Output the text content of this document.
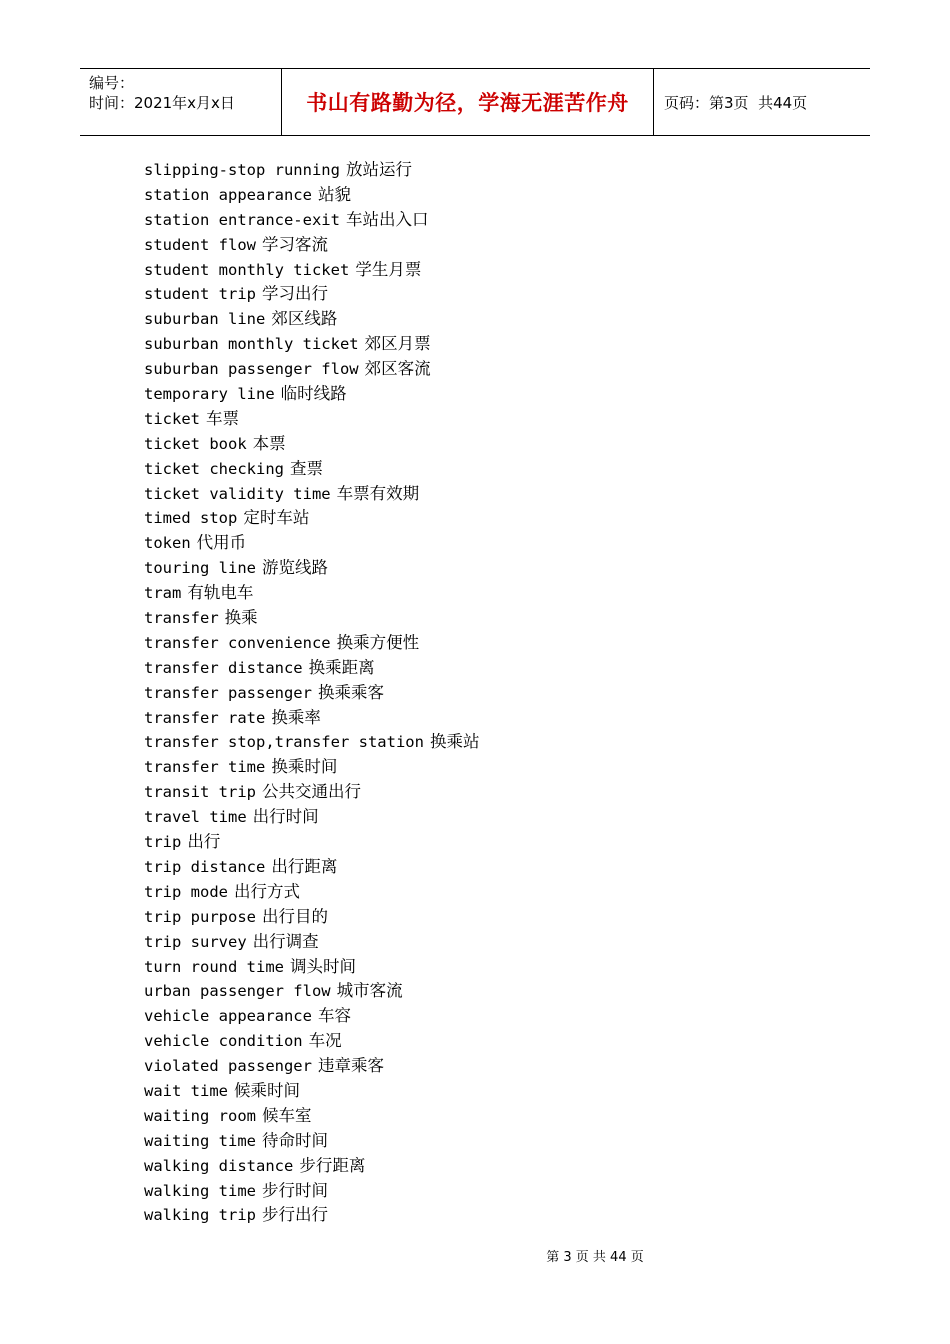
编号：
时间：2021年x月x日	书山有路勤为径，学海无涯苦作舟	页码：第3页  共44页
slipping-stop running 放站运行
station appearance 站貌
station entrance-exit 车站出入口
student flow 学习客流
student monthly ticket 学生月票
student trip 学习出行
suburban line 郊区线路
suburban monthly ticket 郊区月票
suburban passenger flow 郊区客流
temporary line 临时线路
ticket 车票
ticket book 本票
ticket checking 查票
ticket validity time 车票有效期
timed stop 定时车站
token 代用币
touring line 游览线路
tram 有轨电车
transfer 换乘
transfer convenience 换乘方便性
transfer distance 换乘距离
transfer passenger 换乘乘客
transfer rate 换乘率
transfer stop,transfer station 换乘站
transfer time 换乘时间
transit trip 公共交通出行
travel time 出行时间
trip 出行
trip distance 出行距离
trip mode 出行方式
trip purpose 出行目的
trip survey 出行调查
turn round time 调头时间
urban passenger flow 城市客流
vehicle appearance 车容
vehicle condition 车况
violated passenger 违章乘客
wait time 候乘时间
waiting room 候车室
waiting time 待命时间
walking distance 步行距离
walking time 步行时间
walking trip 步行出行
第 3 页 共 44 页
